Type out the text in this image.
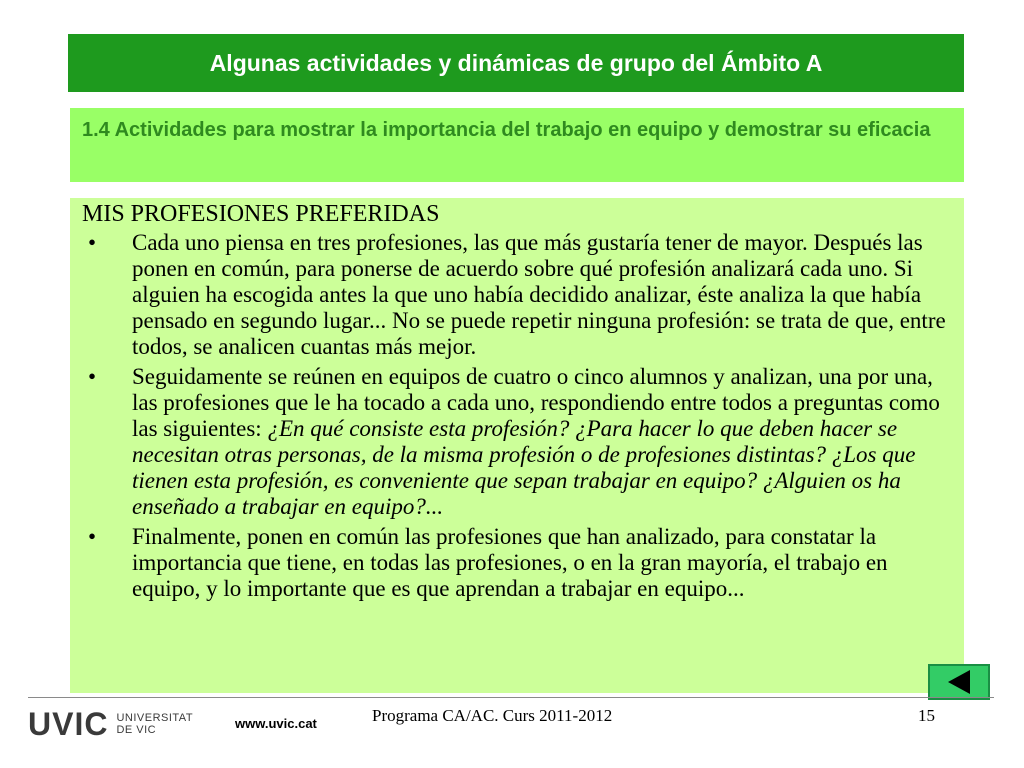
Algunas actividades y dinámicas de grupo del Ámbito A

1.4 Actividades para mostrar la importancia del trabajo en equipo y demostrar su eficacia

MIS PROFESIONES PREFERIDAS
• Cada uno piensa en tres profesiones, las que más gustaría tener de mayor. Después las ponen en común, para ponerse de acuerdo sobre qué profesión analizará cada uno. Si alguien ha escogida antes la que uno había decidido analizar, éste analiza la que había pensado en segundo lugar... No se puede repetir ninguna profesión: se trata de que, entre todos, se analicen cuantas más mejor.
• Seguidamente se reúnen en equipos de cuatro o cinco alumnos y analizan, una por una, las profesiones que le ha tocado a cada uno, respondiendo entre todos a preguntas como las siguientes: ¿En qué consiste esta profesión? ¿Para hacer lo que deben hacer se necesitan otras personas, de la misma profesión o de profesiones distintas? ¿Los que tienen esta profesión, es conveniente que sepan trabajar en equipo? ¿Alguien os ha enseñado a trabajar en equipo?...
• Finalmente, ponen en común las profesiones que han analizado, para constatar la importancia que tiene, en todas las profesiones, o en la gran mayoría, el trabajo en equipo, y lo importante que es que aprendan a trabajar en equipo...
UVIC UNIVERSITAT
DE VIC	www.uvic.cat	Programa CA/AC. Curs 2011-2012	15
